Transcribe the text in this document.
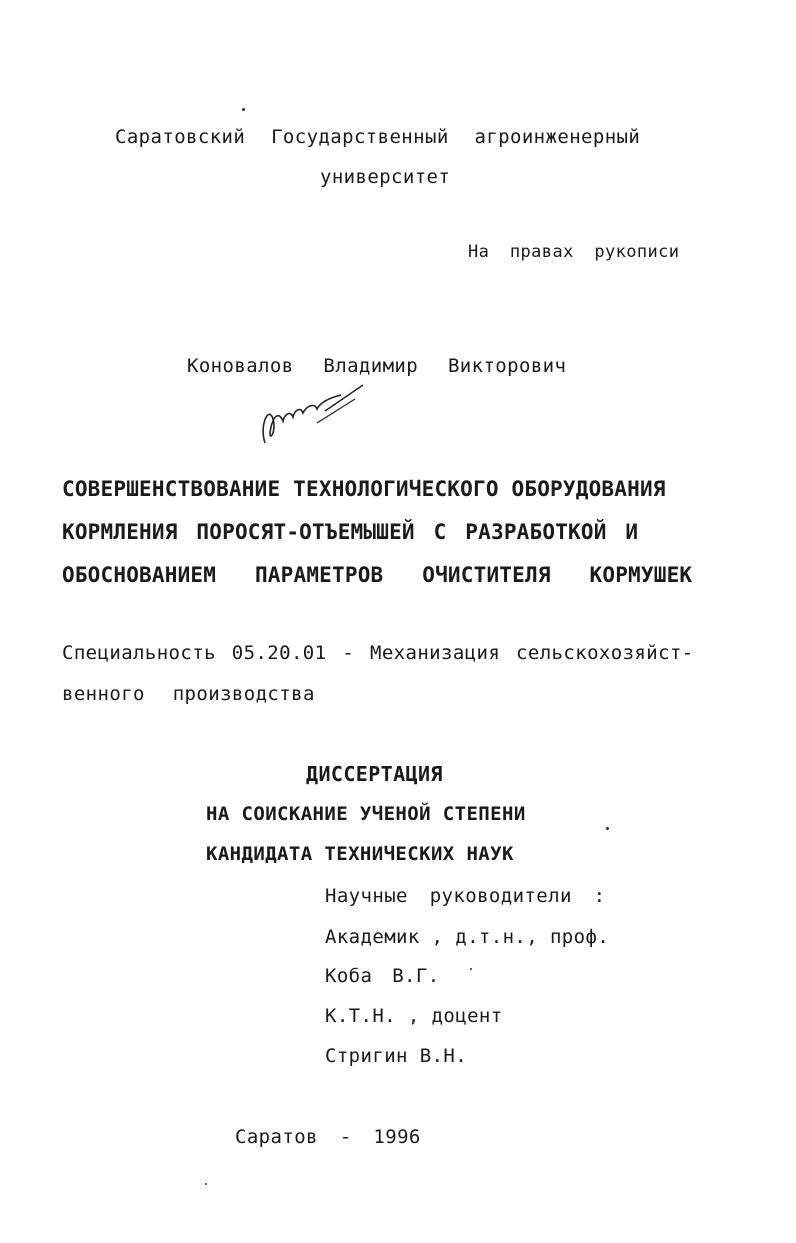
Саратовский Государственный агроинженерный
университет
На правах рукописи
Коновалов Владимир Викторович
СОВЕРШЕНСТВОВАНИЕ ТЕХНОЛОГИЧЕСКОГО ОБОРУДОВАНИЯ
КОРМЛЕНИЯ ПОРОСЯТ-ОТЪЕМЫШЕЙ С РАЗРАБОТКОЙ И
ОБОСНОВАНИЕМ ПАРАМЕТРОВ ОЧИСТИТЕЛЯ КОРМУШЕК
Специальность 05.20.01 - Механизация сельскохозяйст-
венного производства
ДИССЕРТАЦИЯ
НА СОИСКАНИЕ УЧЕНОЙ СТЕПЕНИ
КАНДИДАТА ТЕХНИЧЕСКИХ НАУК
Научные руководители :
Академик , д.т.н., проф.
Коба В.Г.
К.Т.Н. , доцент
Стригин В.Н.
Саратов - 1996
